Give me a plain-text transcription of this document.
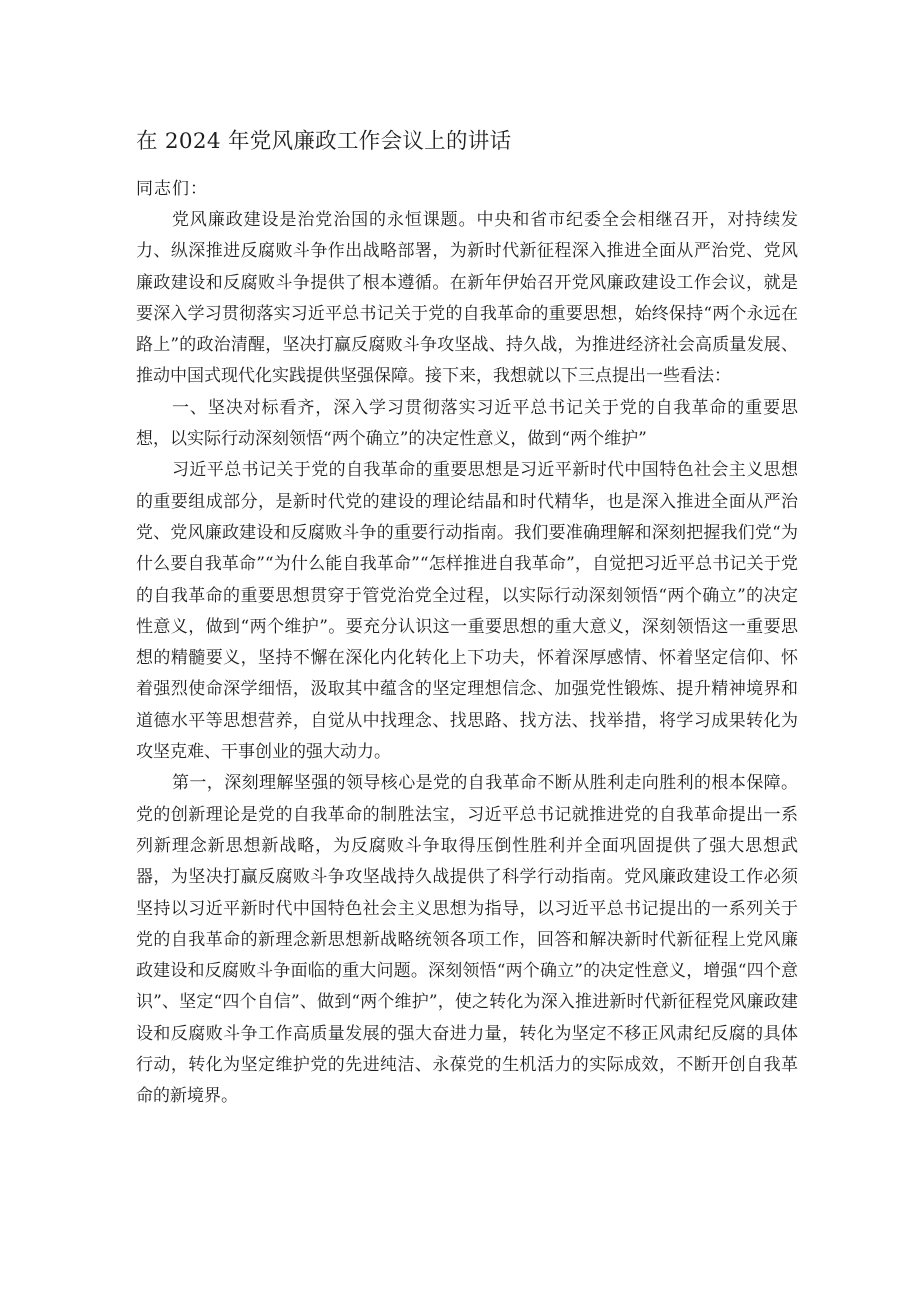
在 2024 年党风廉政工作会议上的讲话

同志们：

党风廉政建设是治党治国的永恒课题。中央和省市纪委全会相继召开，对持续发力、纵深推进反腐败斗争作出战略部署，为新时代新征程深入推进全面从严治党、党风廉政建设和反腐败斗争提供了根本遵循。在新年伊始召开党风廉政建设工作会议，就是要深入学习贯彻落实习近平总书记关于党的自我革命的重要思想，始终保持“两个永远在路上”的政治清醒，坚决打赢反腐败斗争攻坚战、持久战，为推进经济社会高质量发展、推动中国式现代化实践提供坚强保障。接下来，我想就以下三点提出一些看法：

一、坚决对标看齐，深入学习贯彻落实习近平总书记关于党的自我革命的重要思想，以实际行动深刻领悟“两个确立”的决定性意义，做到“两个维护”

习近平总书记关于党的自我革命的重要思想是习近平新时代中国特色社会主义思想的重要组成部分，是新时代党的建设的理论结晶和时代精华，也是深入推进全面从严治党、党风廉政建设和反腐败斗争的重要行动指南。我们要准确理解和深刻把握我们党“为什么要自我革命”“为什么能自我革命”“怎样推进自我革命”，自觉把习近平总书记关于党的自我革命的重要思想贯穿于管党治党全过程，以实际行动深刻领悟“两个确立”的决定性意义，做到“两个维护”。要充分认识这一重要思想的重大意义，深刻领悟这一重要思想的精髓要义，坚持不懈在深化内化转化上下功夫，怀着深厚感情、怀着坚定信仰、怀着强烈使命深学细悟，汲取其中蕴含的坚定理想信念、加强党性锻炼、提升精神境界和道德水平等思想营养，自觉从中找理念、找思路、找方法、找举措，将学习成果转化为攻坚克难、干事创业的强大动力。

第一，深刻理解坚强的领导核心是党的自我革命不断从胜利走向胜利的根本保障。党的创新理论是党的自我革命的制胜法宝，习近平总书记就推进党的自我革命提出一系列新理念新思想新战略，为反腐败斗争取得压倒性胜利并全面巩固提供了强大思想武器，为坚决打赢反腐败斗争攻坚战持久战提供了科学行动指南。党风廉政建设工作必须坚持以习近平新时代中国特色社会主义思想为指导，以习近平总书记提出的一系列关于党的自我革命的新理念新思想新战略统领各项工作，回答和解决新时代新征程上党风廉政建设和反腐败斗争面临的重大问题。深刻领悟“两个确立”的决定性意义，增强“四个意识”、坚定“四个自信”、做到“两个维护”，使之转化为深入推进新时代新征程党风廉政建设和反腐败斗争工作高质量发展的强大奋进力量，转化为坚定不移正风肃纪反腐的具体行动，转化为坚定维护党的先进纯洁、永葆党的生机活力的实际成效，不断开创自我革命的新境界。
